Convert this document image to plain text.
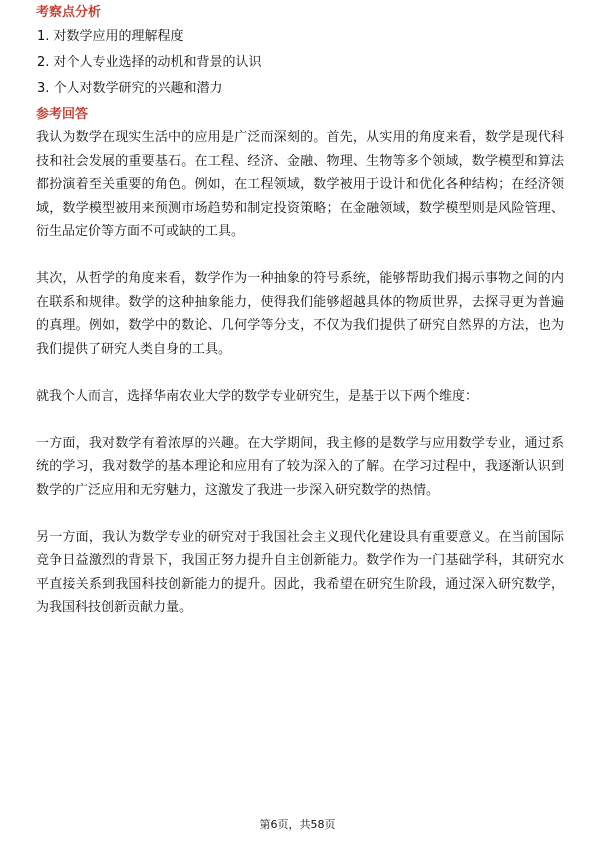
考察点分析

1. 对数学应用的理解程度

2. 对个人专业选择的动机和背景的认识

3. 个人对数学研究的兴趣和潜力

参考回答

我认为数学在现实生活中的应用是广泛而深刻的。首先，从实用的角度来看，数学是现代科技和社会发展的重要基石。在工程、经济、金融、物理、生物等多个领域，数学模型和算法都扮演着至关重要的角色。例如，在工程领域，数学被用于设计和优化各种结构；在经济领域，数学模型被用来预测市场趋势和制定投资策略；在金融领域，数学模型则是风险管理、衍生品定价等方面不可或缺的工具。

其次，从哲学的角度来看，数学作为一种抽象的符号系统，能够帮助我们揭示事物之间的内在联系和规律。数学的这种抽象能力，使得我们能够超越具体的物质世界，去探寻更为普遍的真理。例如，数学中的数论、几何学等分支，不仅为我们提供了研究自然界的方法，也为我们提供了研究人类自身的工具。

就我个人而言，选择华南农业大学的数学专业研究生，是基于以下两个维度：

一方面，我对数学有着浓厚的兴趣。在大学期间，我主修的是数学与应用数学专业，通过系统的学习，我对数学的基本理论和应用有了较为深入的了解。在学习过程中，我逐渐认识到数学的广泛应用和无穷魅力，这激发了我进一步深入研究数学的热情。

另一方面，我认为数学专业的研究对于我国社会主义现代化建设具有重要意义。在当前国际竞争日益激烈的背景下，我国正努力提升自主创新能力。数学作为一门基础学科，其研究水平直接关系到我国科技创新能力的提升。因此，我希望在研究生阶段，通过深入研究数学，为我国科技创新贡献力量。

第6页，共58页
